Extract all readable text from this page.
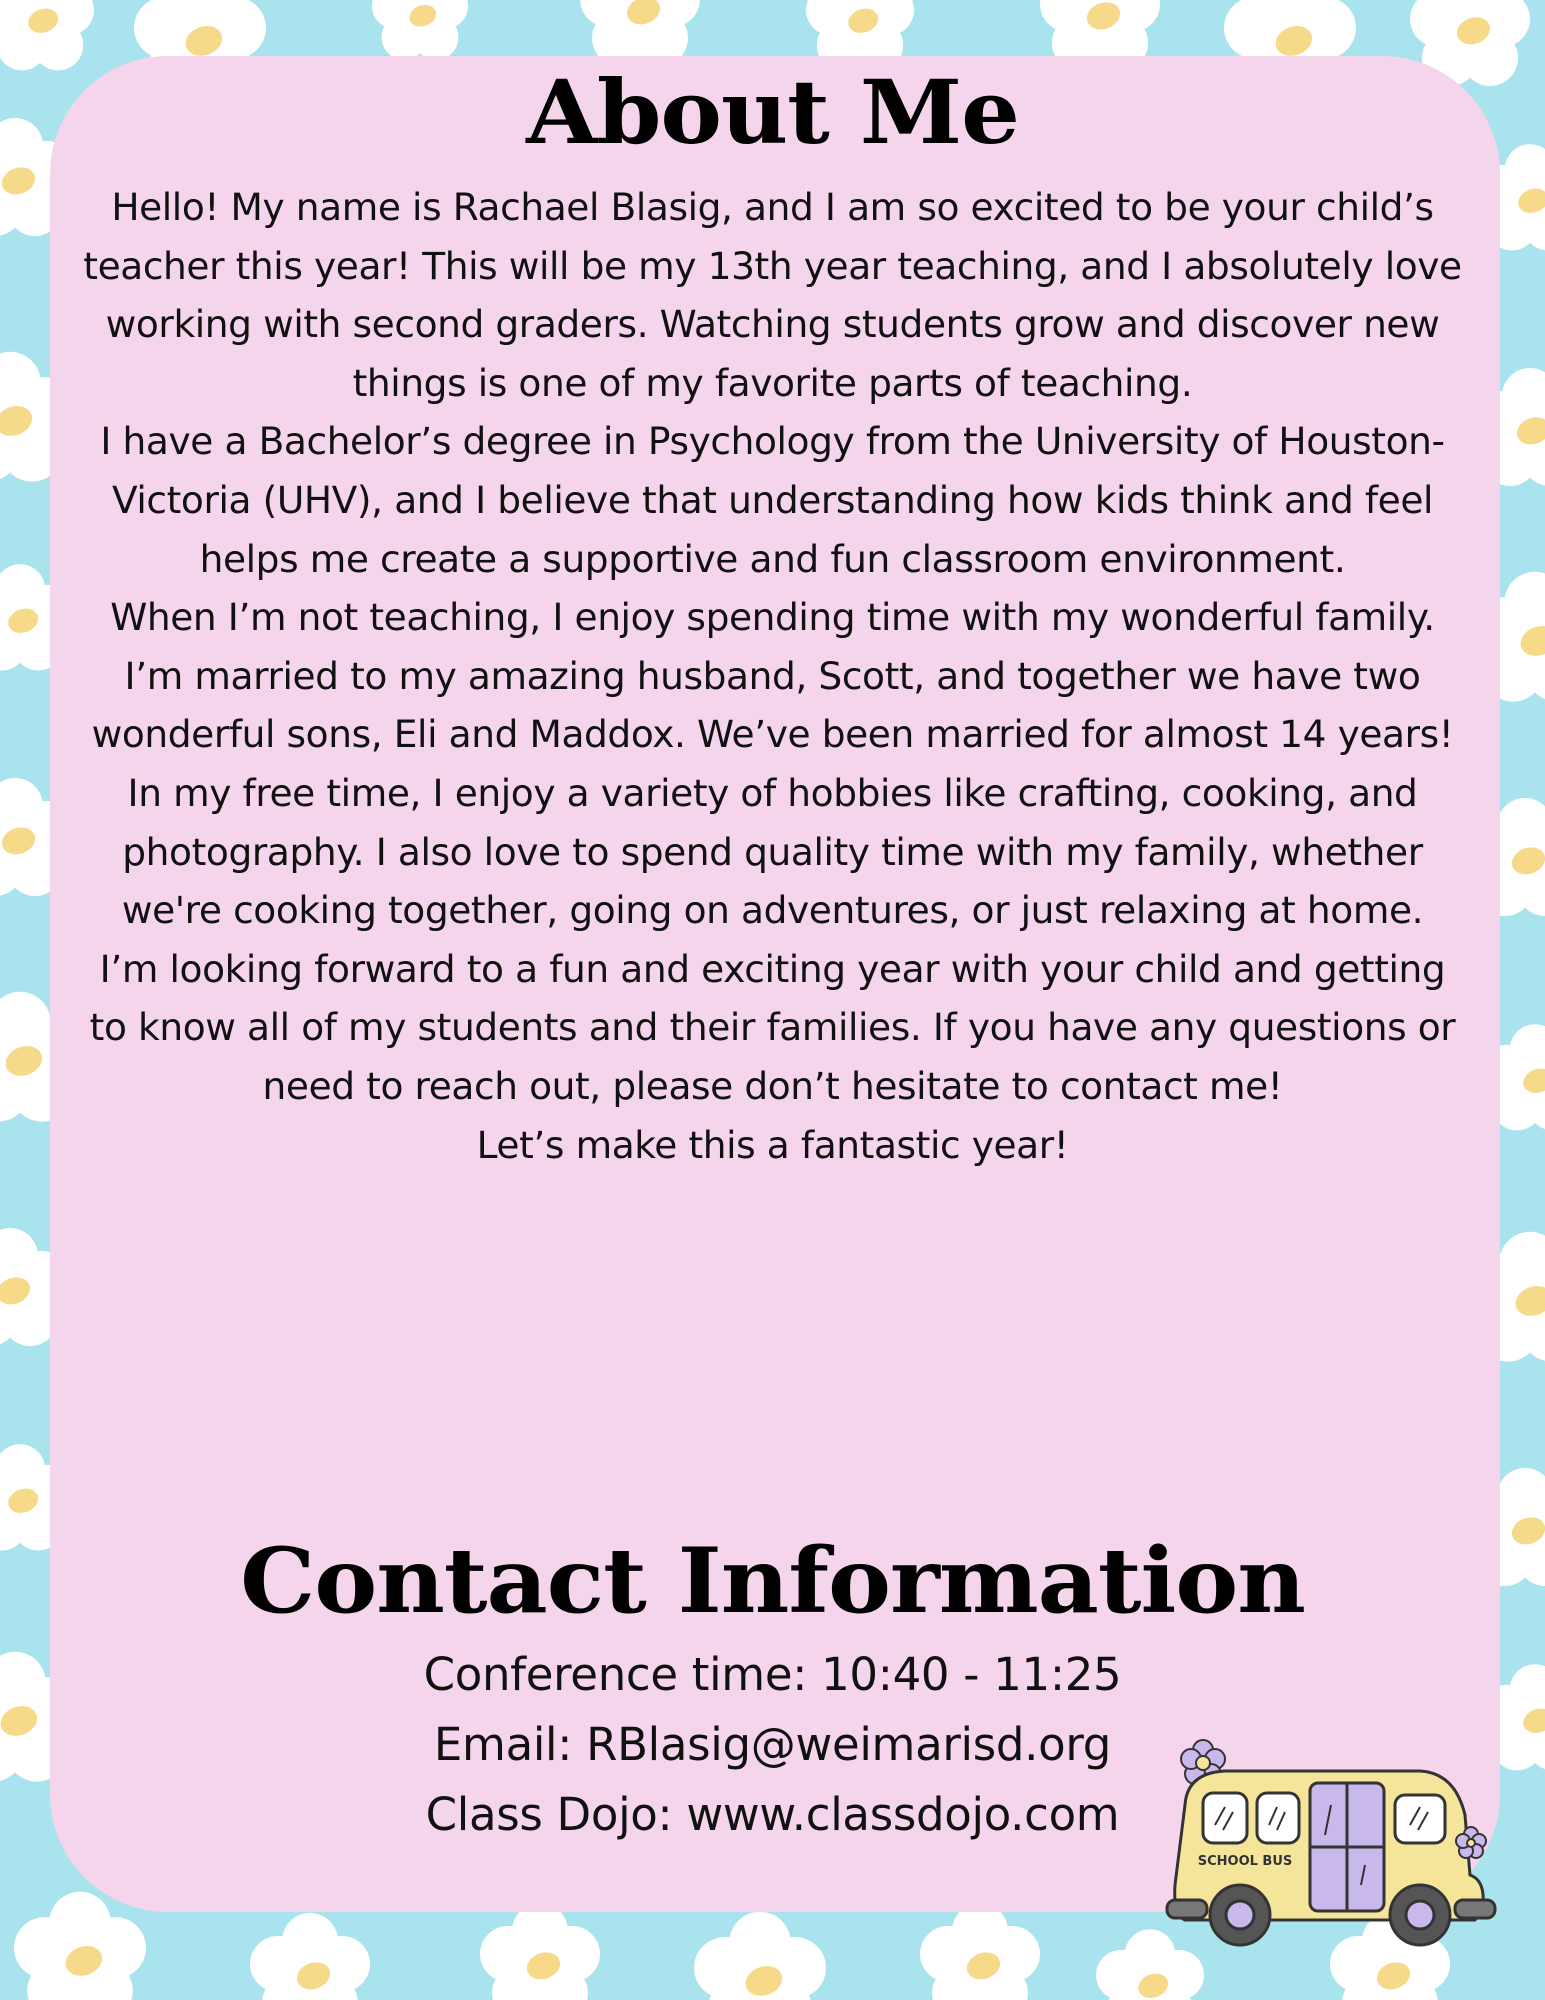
About Me

Hello! My name is Rachael Blasig, and I am so excited to be your child’s teacher this year! This will be my 13th year teaching, and I absolutely love working with second graders. Watching students grow and discover new things is one of my favorite parts of teaching.

I have a Bachelor’s degree in Psychology from the University of Houston-Victoria (UHV), and I believe that understanding how kids think and feel helps me create a supportive and fun classroom environment.

When I’m not teaching, I enjoy spending time with my wonderful family. I’m married to my amazing husband, Scott, and together we have two wonderful sons, Eli and Maddox. We’ve been married for almost 14 years!

In my free time, I enjoy a variety of hobbies like crafting, cooking, and photography. I also love to spend quality time with my family, whether we're cooking together, going on adventures, or just relaxing at home.

I’m looking forward to a fun and exciting year with your child and getting to know all of my students and their families. If you have any questions or need to reach out, please don’t hesitate to contact me!

Let’s make this a fantastic year!

Contact Information
Conference time: 10:40 - 11:25
Email: RBlasig@weimarisd.org
Class Dojo: www.classdojo.com
SCHOOL BUS
